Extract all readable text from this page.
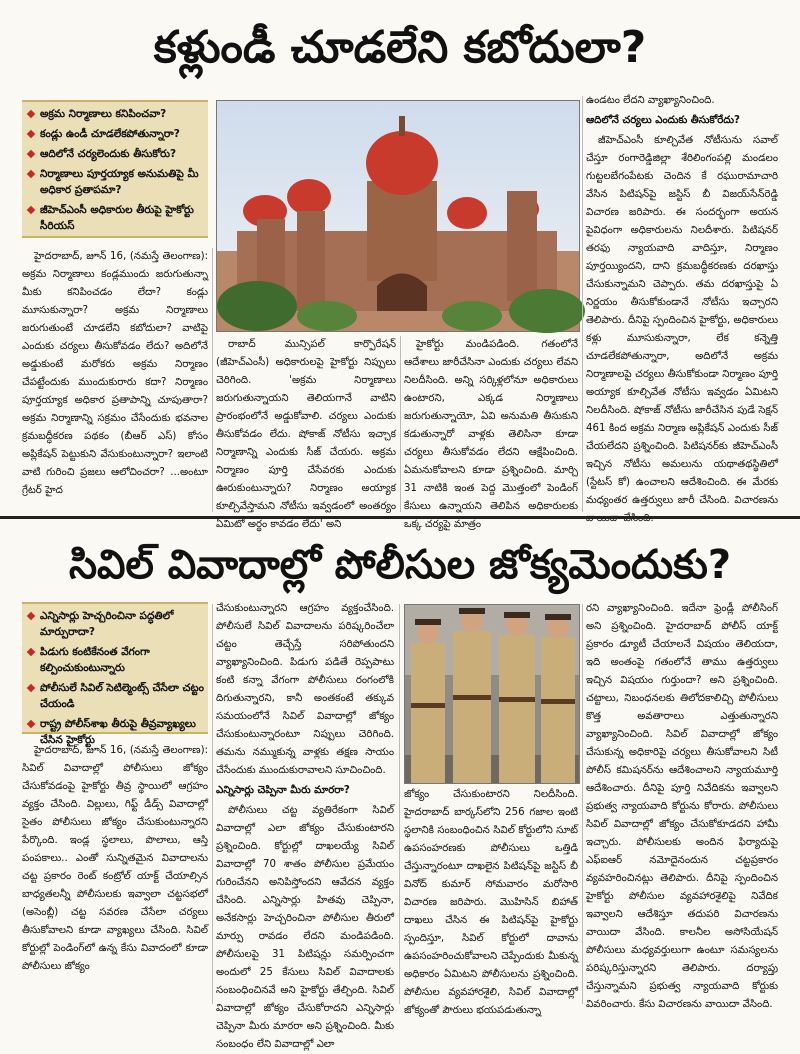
కళ్లుండీ చూడలేని కబోదులా?
అక్రమ నిర్మాణాలు కనిపించవా?
కండ్లు ఉండీ చూడలేకపోతున్నారా?
ఆదిలోనే చర్యలెందుకు తీసుకోరు?
నిర్మాణాలు పూర్తయ్యాక అనుమతిపై మీ అధికార ప్రతాపమా?
జీహెచ్ఎంసీ అధికారుల తీరుపై హైకోర్టు సీరియస్

హైదరాబాద్, జూన్ 16, (నమస్తే తెలంగాణ): అక్రమ నిర్మాణాలు కండ్లముందు జరుగుతున్నా మీకు కనిపించడం లేదా? కండ్లు మూసుకున్నారా? అక్రమ నిర్మాణాలు జరుగుతుంటే చూడలేని కబోదులా? వాటిపై ఎందుకు చర్యలు తీసుకోవడం లేదు? అదిలోనే అడ్డుకుంటే మరోకరు అక్రమ నిర్మాణం చేపట్టేందుకు ముందుకురారు కదా? నిర్మాణం పూర్తయ్యాక అధికార ప్రతాపాన్ని చూపుతారా? అక్రమ నిర్మాణాన్ని సక్రమం చేసేందుకు భవనాల క్రమబద్ధీకరణ పథకం (బీఆర్ ఎస్) కోసం అప్లికేషన్ పెట్టుకుని వేసుకుంటున్నారా? ఇలాంటి వాటి గురించి ప్రజలు ఆలోచించరా? ...అంటూ గ్రేటర్ హైద

రాబాద్ మున్సిపల్ కార్పొరేషన్ (జీహెచ్ఎంసీ) అధికారులపై హైకోర్టు నిప్పులు చెరిగింది. 'అక్రమ నిర్మాణాలు జరుగుతున్నాయని తెలియగానే వాటిని ప్రారంభంలోనే అడ్డుకోవాలి. చర్యలు ఎందుకు తీసుకోవడం లేదు. షోకాజ్ నోటీసు ఇచ్చాక నిర్మాణాన్ని ఎందుకు సీజ్ చేయరు. అక్రమ నిర్మాణం పూర్తి చేసేవరకు ఎందుకు ఊరుకుంటున్నారు? నిర్మాణం అయ్యాక కూల్చివేస్తామని నోటీసు ఇవ్వడంలో అంతర్యం ఏమిటో అర్థం కావడం లేదు' అని

హైకోర్టు మండిపడింది. గతంలోనే ఆదేశాలు జారీచేసినా ఎందుకు చర్యలు లేవని నిలదీసింది. అన్ని సర్కిళ్లలోనూ అధికారులు ఉంటారని, ఎక్కడ నిర్మాణాలు జరుగుతున్నాయో, ఏవి అనుమతి తీసుకుని కడుతున్నారో వాళ్లకు తెలిసినా కూడా చర్యలు తీసుకోవడం లేదని ఆక్షేపించింది. ఏమనుకోవాలని కూడా ప్రశ్నించింది. మార్చి 31 నాటికి ఇంత పెద్ద మొత్తంలో పెండింగ్ కేసులు ఉన్నాయని తెలిపిన అధికారులకు ఒక్క చర్యపై మాత్రం

ఉండటం లేదని వ్యాఖ్యానించింది.

ఆదిలోనే చర్యలు ఎందుకు తీసుకోరేదు?

జీహెచ్ఎంసీ కూల్చివేత నోటీసును సవాల్ చేస్తూ రంగారెడ్డిజిల్లా శేరిలింగంపల్లి మండలం గుట్టలబేగంపేటకు చెందిన కే రఘురామాచారి వేసిన పిటిషన్‌పై జస్టిస్ బీ విజయ్‌సేన్‌రెడ్డి విచారణ జరిపారు. ఈ సందర్భంగా అయన పైవిధంగా అధికారులను నిలదీశారు. పిటిషనర్ తరఫు న్యాయవాది వాదిస్తూ, నిర్మాణం పూర్తయ్యిందని, దాని క్రమబద్ధీకరణకు దరఖాస్తు చేసుకున్నామని చెప్పారు. తమ దరఖాస్తుపై ఏ నిర్ణయం తీసుకోకుండానే నోటీసు ఇచ్చారని తెలిపారు. దీనిపై స్పందించిన హైకోర్టు, అధికారులు కళ్లు మూసుకున్నారా, లేక కన్నెత్తి చూడలేకపోతున్నారా, అదిలోనే అక్రమ నిర్మాణాలపై చర్యలు తీసుకోకుండా నిర్మాణం పూర్తి అయ్యాక కూల్చివేత నోటీసు ఇవ్వడం ఏమిటని నిలదీసింది. షోకాజ్ నోటీసు జారీచేసిన పుడే సెక్షన్ 461 కింద అక్రమ నిర్మాణ అప్లికేషన్ ఎందుకు సీజ్ చేయలేదని ప్రశ్నించింది. పిటిషనర్‌కు జీహెచ్ఎంసీ ఇచ్చిన నోటీసు అమలును యథాతథస్థితిలో (స్టేటస్ కో) ఉంచాలని ఆదేశించింది. ఈ మేరకు మధ్యంతర ఉత్తర్వులు జారీ చేసింది. విచారణను

సివిల్ వివాదాల్లో పోలీసుల జోక్యమెందుకు?
ఎన్నిసార్లు హెచ్చరించినా పద్ధతిలో మార్పురాదా?
పిడుగు కంటికేనంత వేగంగా కల్పించుకుంటున్నారు
పోలీసులే సివిల్ సెటిల్మెంట్స్ చేసేలా చట్టం చేయండి
రాష్ట్ర పోలీస్‌శాఖ తీరుపై తీవ్రవ్యాఖ్యలు చేసిన హైకోర్టు

హైదరాబాద్, జూన్ 16, (నమస్తే తెలంగాణ): సివిల్ వివాదాల్లో పోలీసులు జోక్యం చేసుకోవడంపై హైకోర్టు తీవ్ర స్థాయిలో ఆగ్రహం వ్యక్తం చేసింది. విల్లులు, గిఫ్ట్ డీడ్స్ వివాదాల్లో సైతం పోలీసులు జోక్యం చేసుకుంటున్నారని పేర్కొంది. ఇండ్ల స్థలాలు, పొలాలు, ఆస్తి పంపకాలు.. ఎంతో సున్నితమైన వివాదాలను చట్ట ప్రకారం రెంట్ కంట్రోల్ యాక్ట్ చేయాల్సిన బాధ్యతలన్నీ పోలీసులకు ఇవ్వాలా చట్టసభలో (అసెంబ్లీ) చట్ట సవరణ చేసేలా చర్యలు తీసుకోవాలని కూడా వ్యాఖ్యలు చేసింది. సివిల్ కోర్టుల్లో పెండింగ్‌లో ఉన్న కేసు వివాదంలో కూడా పోలీసులు జోక్యం

చేసుకుంటున్నారని ఆగ్రహం వ్యక్తంచేసింది. పోలీసులే సివిల్ వివాదాలను పరిష్కరించేలా చట్టం తెచ్చేస్తే సరిపోతుందని వ్యాఖ్యానించింది. పిడుగు పడితే రెప్పపాటు కంటి కన్నా వేగంగా పోలీసులు రంగంలోకి దిగుతున్నారని, కానీ అంతకంటే తక్కువ సమయంలోనే సివిల్ వివాదాల్లో జోక్యం చేసుకుంటున్నారంటూ నిప్పులు చెరిగింది. తమను నమ్ముకున్న వాళ్లకు తక్షణ సాయం చేసేందుకు ముందుకురావాలని సూచించింది.

ఎన్నిసార్లు చెప్పినా మీరు మారరా?

పోలీసులు చట్ట వ్యతిరేకంగా సివిల్ వివాదాల్లో ఎలా జోక్యం చేసుకుంటారని ప్రశ్నించింది. కోర్టుల్లో దాఖలయ్యే సివిల్ వివాదాల్లో 70 శాతం పోలీసుల ప్రమేయం గురించేనని అనిపిస్తోందని ఆవేదన వ్యక్తం చేసింది. ఎన్నిసార్లు హితవు చెప్పినా, అనేకసార్లు హెచ్చరించినా పోలీసుల తీరులో మార్పు రావడం లేదని మండిపడింది. పోలీసులపై 31 పిటిషన్లు సమర్పించగా అందులో 25 కేసులు సివిల్ వివాదాలకు సంబంధించినవే అని హైకోర్టు తేల్చింది. సివిల్ వివాదాల్లో జోక్యం చేసుకోరాదని ఎన్నిసార్లు చెప్పినా మీరు మారరా అని ప్రశ్నించింది. మీకు సంబంధం లేని వివాదాల్లో ఎలా

జోక్యం చేసుకుంటారని నిలదీసింది. హైదరాబాద్ బార్కస్‌లోని 256 గజాల ఇంటి స్థలానికి సంబంధించిన సివిల్ కోర్టులోని సూట్ ఉపసంహరణకు పోలీసులు ఒత్తిడి చేస్తున్నారంటూ దాఖలైన పిటిషన్‌పై జస్టిస్ బీ వినోద్ కుమార్ సోమవారం మరోసారి విచారణ జరిపారు. మొహిసిన్ బిహాత్ దాఖలు చేసిన ఈ పిటిషన్‌పై హైకోర్టు స్పందిస్తూ, సివిల్ కోర్టులో దావాను ఉపసంహరించుకోవాలని చెప్పేందుకు మీకున్న అధికారం ఏమిటని పోలీసులను ప్రశ్నించింది. పోలీసుల వ్యవహారశైలి, సివిల్ వివాదాల్లో జోక్యంతో పౌరులు భయపడుతున్నా

రని వ్యాఖ్యానించింది. ఇదేనా ఫ్రెండ్లీ పోలీసింగ్ అని ప్రశ్నించింది. హైదరాబాద్ పోలీస్ యాక్ట్ ప్రకారం డ్యూటీ చేయాలనే విషయం తెలియదా, ఇది అంతంపై గతంలోనే తాము ఉత్తర్వులు ఇచ్చిన విషయం గుర్తుందా? అని ప్రశ్నించింది. చట్టాలు, నిబంధనలకు తిలోదకాలిచ్చి పోలీసులు కొత్త అవతారాలు ఎత్తుతున్నారని వ్యాఖ్యానించింది. సివిల్ వివాదాల్లో జోక్యం చేసుకున్న అధికారిపై చర్యలు తీసుకోవాలని సిటీ పోలీస్ కమిషనర్‌ను ఆదేశించాలని న్యాయమూర్తి ఆదేశించారు. దీనిపై పూర్తి నివేదికను ఇవ్వాలని ప్రభుత్వ న్యాయవాది కోర్టును కోరారు. పోలీసులు సివిల్ వివాదాల్లో జోక్యం చేసుకోకూడదని హామీ ఇచ్చారు. పోలీసులకు అందిన ఫిర్యాదుపై ఎఫ్ఐఆర్ నమోదైనందున చట్టప్రకారం వ్యవహరించినట్లు తెలిపారు. దీనిపై స్పందించిన హైకోర్టు పోలీసుల వ్యవహారశైలిపై నివేదిక ఇవ్వాలని ఆదేశిస్తూ తదుపరి విచారణను వాయిదా వేసింది. కాలనీల అసోసియేషన్ పోలీసులు మధ్యవర్తులుగా ఉంటూ సమస్యలను పరిష్కరిస్తున్నారని తెలిపారు. దర్యాప్తు చేస్తున్నామని ప్రభుత్వ న్యాయవాది కోర్టుకు వివరించారు. కేసు విచారణను వాయిదా వేసింది.
